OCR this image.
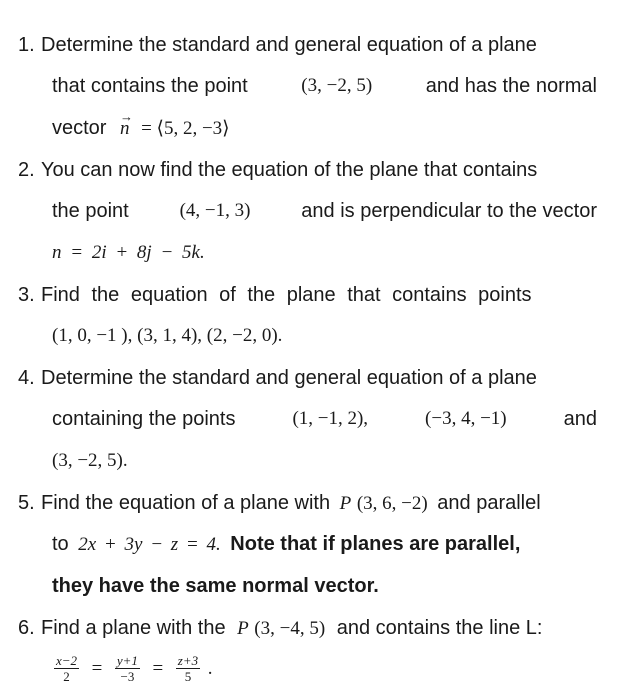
1. Determine the standard and general equation of a plane
that contains the point	(3, −2, 5)	and has the normal
vector → n = ⟨5, 2, −3⟩
2. You can now find the equation of the plane that contains
the point	(4, −1, 3)	and is perpendicular to the vector
n = 2i + 8j − 5k.
3. Find the equation of the plane that contains points
(1, 0, −1 ), (3, 1, 4), (2, −2, 0).
4. Determine the standard and general equation of a plane
containing the points	(1, −1, 2),	(−3, 4, −1)	and
(3, −2, 5).
5. Find the equation of a plane with P (3, 6, −2) and parallel
to 2x + 3y − z = 4. Note that if planes are parallel,
they have the same normal vector.
6. Find a plane with the P (3, −4, 5) and contains the line L:
$\frac{x-2}{2} = \frac{y+1}{-3} = \frac{z+3}{5}$ .
